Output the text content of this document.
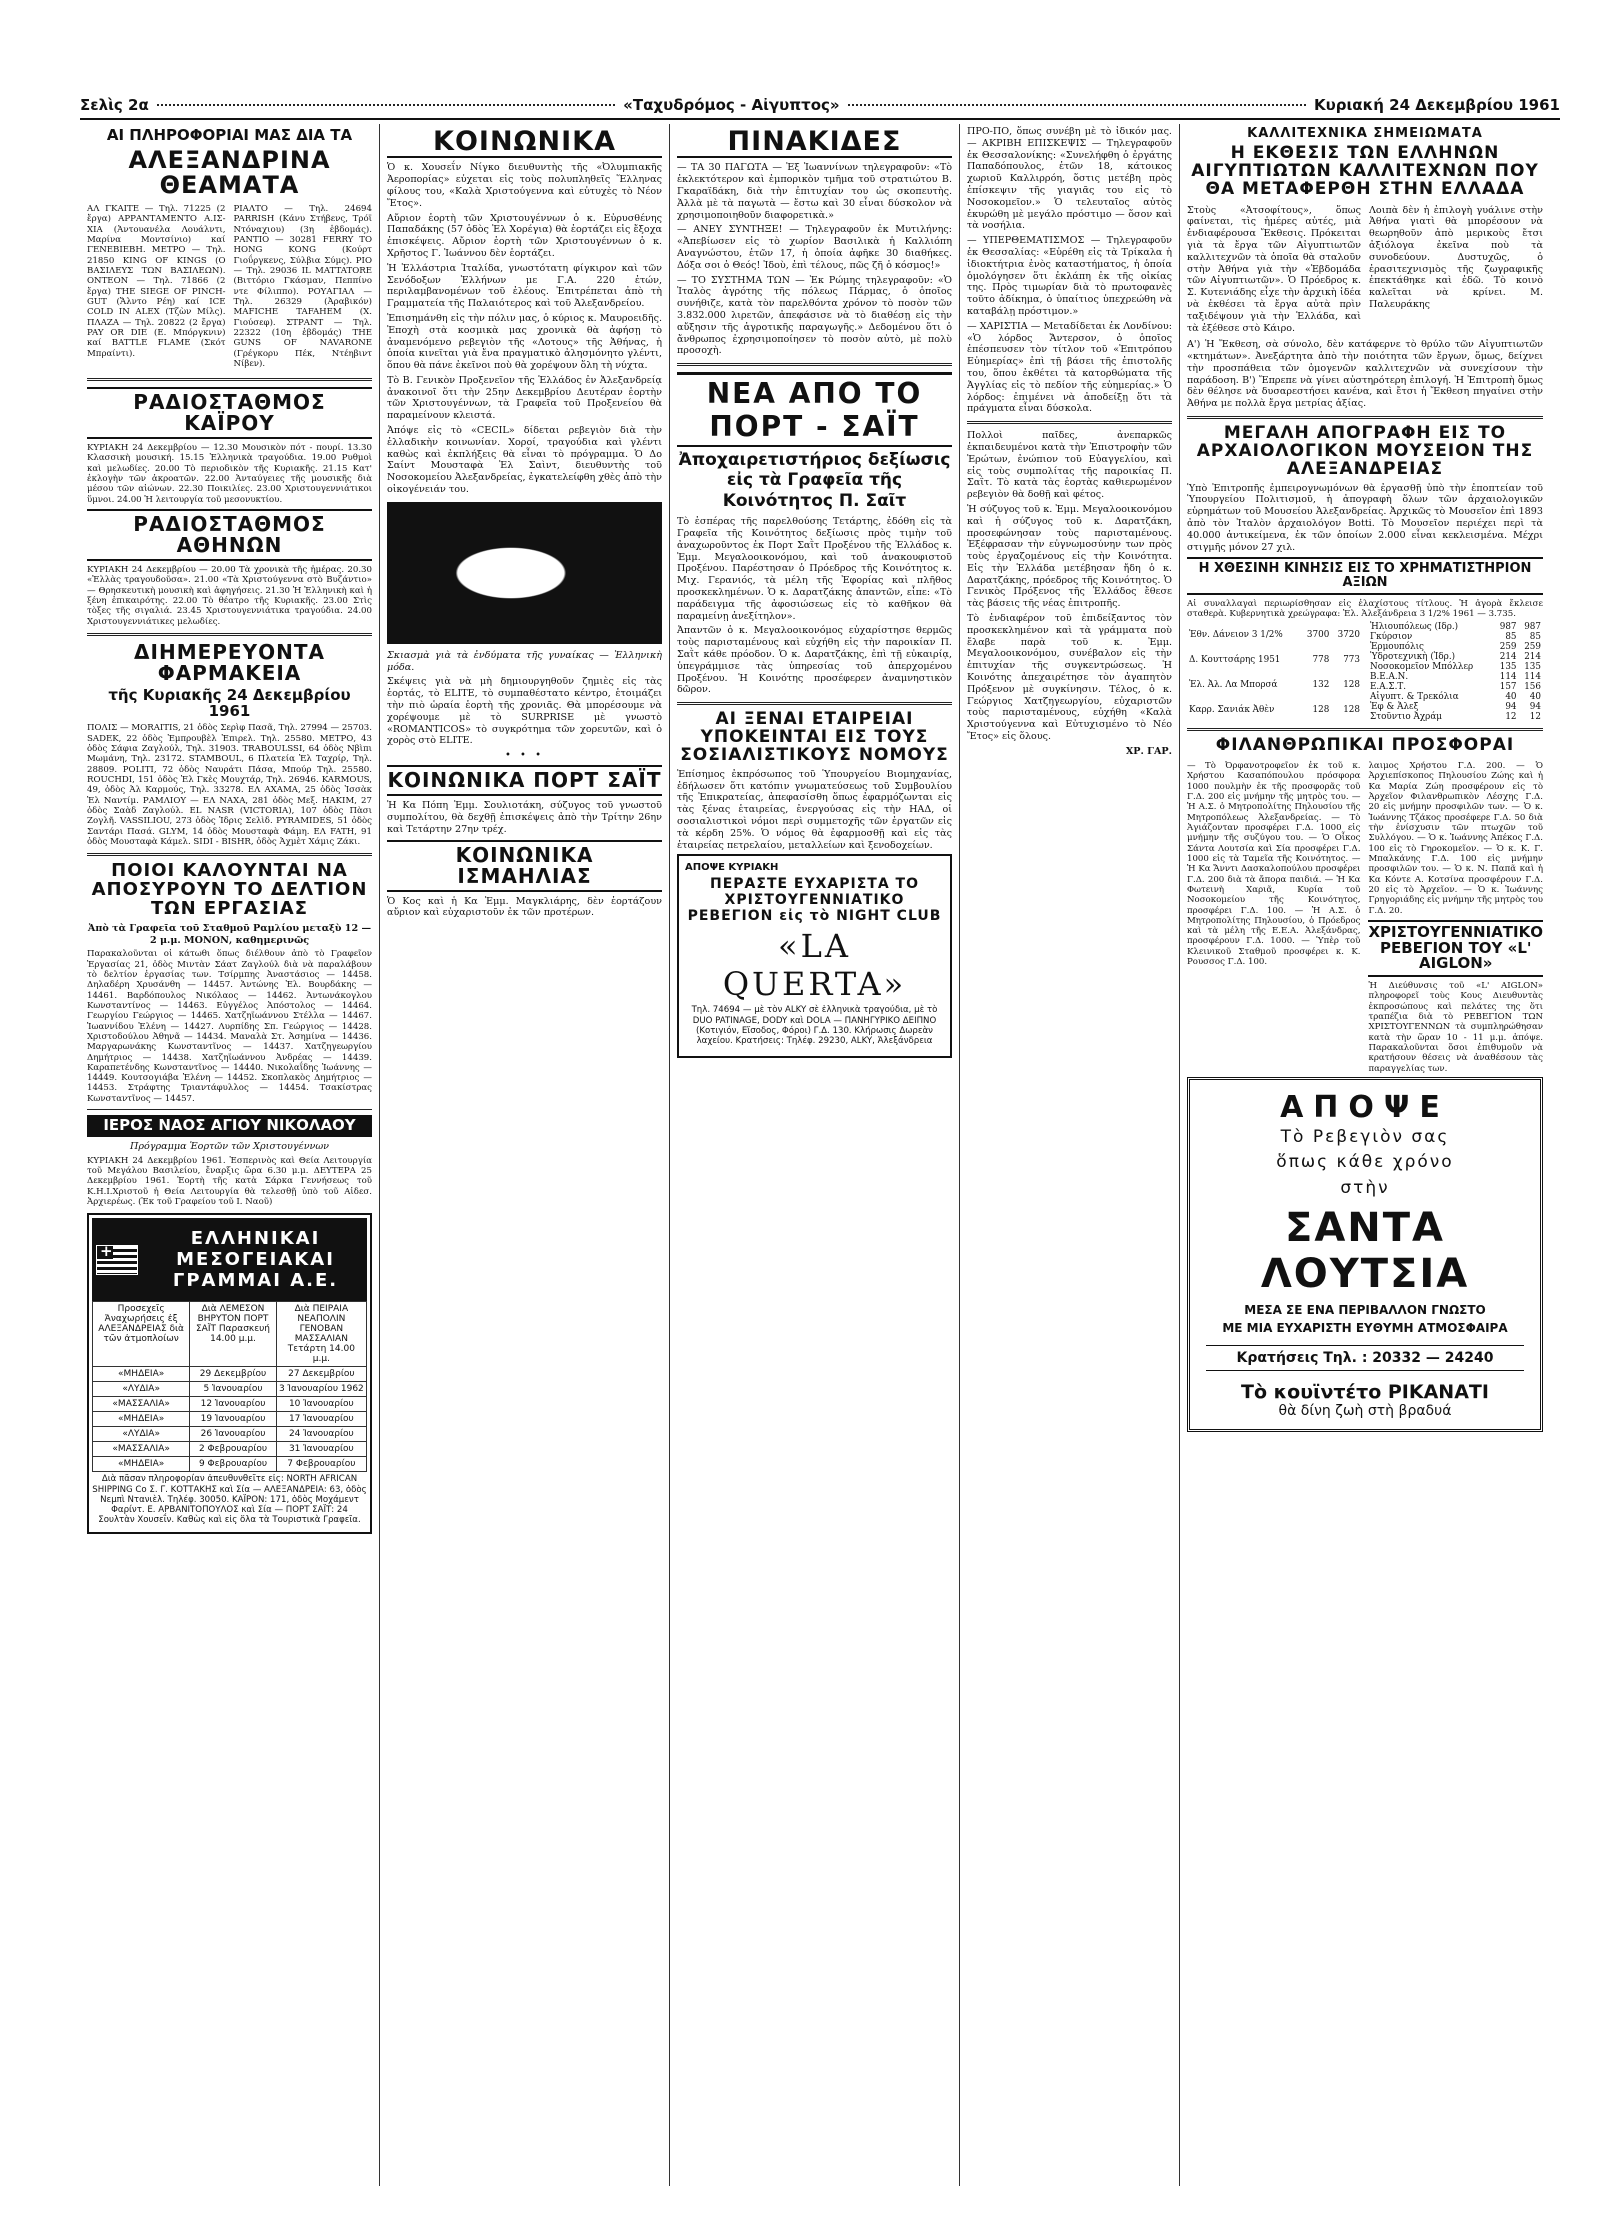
Σελὶς 2α	«Ταχυδρόμος - Αἰγυπτος»	Κυριακή 24 Δεκεμβρίου 1961
ΑΙ ΠΛΗΡΟΦΟΡΙΑΙ ΜΑΣ ΔΙΑ ΤΑ
ΑΛΕΞΑΝΔΡΙΝΑ ΘΕΑΜΑΤΑ

ΑΛ ΓΚΑΙΤΕ — Τηλ. 71225 (2 ἔργα) ΑΡΡΑΝΤΑΜΕΝΤΟ Α.ΙΣ-ΧΙΑ (Ἀντουανέλα Λουάλντι, Μαρίνα Μοντσίνιο) καί ΓΕΝΕΒΙΕΒΗ. ΜΕΤΡΟ — Τηλ. 21850 KING OF KINGS (Ο ΒΑΣΙΛΕΥΣ ΤΩΝ ΒΑΣΙΛΕΩΝ). ΟΝΤΕΟΝ — Τηλ. 71866 (2 ἔργα) THE SIEGE OF PINCH-GUT (Ἄλντο Ρέη) καί ICE COLD IN ALEX (Τζὼν Μίλς). ΠΛΑΖΑ — Τηλ. 20822 (2 ἔργα) PAY OR DIE (Ε. Μπόργκνιν) καί BATTLE FLAME (Σκότ Μπραίντι).

ΡΙΑΛΤΟ — Τηλ. 24694 PARRISH (Κάνυ Στήβενς, Τρόϊ Ντόναχιου) (3η ἑβδομάς). ΡΑΝΤΙΟ — 30281 FERRY TO HONG KONG (Κούρτ Γιοΰργκενς, Σύλβια Σύμς). ΡΙΟ — Τηλ. 29036 IL MATTATORE (Βιττόριο Γκάσμαν, Πεππίνο ντε Φίλιππο). ΡΟΥΑΓΙΑΛ — Τηλ. 26329 (Ἀραβικόν) MAFICHE TAFAHEM (Χ. Γιούσεφ). ΣΤΡΑΝΤ — Τηλ. 22322 (10η ἑβδομάς) THE GUNS OF NAVARONE (Γρέγκορυ Πέκ, Ντέηβιντ Νίβεν).

ΡΑΔΙΟΣΤΑΘΜΟΣ ΚΑΪΡΟΥ

ΚΥΡΙΑΚΗ 24 Δεκεμβρίου — 12.30 Μουσικὸν πότ - πουρί. 13.30 Κλασσικὴ μουσική. 15.15 Ἑλληνικὰ τραγούδια. 19.00 Ρυθμοὶ καὶ μελωδίες. 20.00 Τὸ περιοδικὸν τῆς Κυριακῆς. 21.15 Κατ' ἐκλογὴν τῶν ἀκροατῶν. 22.00 Ἀνταύγειες τῆς μουσικῆς διὰ μέσου τῶν αἰώνων. 22.30 Ποικιλίες. 23.00 Χριστουγεννιάτικοι ὕμνοι. 24.00 Ἡ λειτουργία τοῦ μεσονυκτίου.

ΡΑΔΙΟΣΤΑΘΜΟΣ ΑΘΗΝΩΝ

ΚΥΡΙΑΚΗ 24 Δεκεμβρίου — 20.00 Τὰ χρονικὰ τῆς ἡμέρας. 20.30 «Ἑλλὰς τραγουδοῦσα». 21.00 «Τὰ Χριστούγεννα στὸ Βυζάντιο» — Θρησκευτικὴ μουσικὴ καὶ ἀφηγήσεις. 21.30 Ἡ Ἑλληνικὴ καὶ ἡ ξένη ἐπικαιρότης. 22.00 Τὸ θέατρο τῆς Κυριακῆς. 23.00 Στὶς τὸξες τῆς σιγαλιά. 23.45 Χριστουγεννιάτικα τραγούδια. 24.00 Χριστουγεννιάτικες μελωδίες.

ΔΙΗΜΕΡΕΥΟΝΤΑ ΦΑΡΜΑΚΕΙΑ
τῆς Κυριακῆς 24 Δεκεμβρίου 1961

ΠΟΛΙΣ — MORAITIS, 21 ὁδὸς Σερὶφ Πασᾶ, Τηλ. 27994 — 25703. SADEK, 22 ὁδὸς Ἐμπρουβὲλ Ἐπιρελ. Τηλ. 25580. ΜΕΤΡΟ, 43 ὁδὸς Σάφια Ζαγλούλ, Τηλ. 31903. TRABOULSSI, 64 ὁδὸς Νβὶπι Μωμάνη, Τηλ. 23172. STAMBOUL, 6 Πλατεία Ἐλ Ταχρίρ, Τηλ. 28809. POLITI, 72 ὁδὸς Ναυράτι Πάσα, Μπούρ Τηλ. 25580. ROUCHDI, 151 ὁδὸς Ἐλ Γκὲς Μουχτάρ, Τηλ. 26946. KARMOUS, 49, ὁδὸς Ἀλ Καρμούς, Τηλ. 33278. ΕΛ ΑΧΑΜΑ, 25 ὁδὸς Ἰσσὰκ Ἐλ Ναντίμ. ΡΑΜΛΙΟΥ — ΕΛ ΝΑΧΑ, 281 ὁδὸς Μεξ. HAKIM, 27 ὁδὸς Σαὰδ Ζαγλούλ. ΕL NASR (VICTORIA), 107 ὁδὸς Πὰσι Ζογλῆ. VASSILIOU, 273 ὁδὸς Ἰδρις Σελὶδ. PYRAMIDES, 51 ὁδὸς Σαντάρι Πασά. GLYM, 14 ὁδὸς Μουσταφὰ Φάμη. ΕΛ FATH, 91 ὁδὸς Μουσταφὰ Κάμελ. SIDI - BISHR, ὁδὸς Ἀχμὲτ Χάμις Ζάκι.

ΠΟΙΟΙ ΚΑΛΟΥΝΤΑΙ ΝΑ ΑΠΟΣΥΡΟΥΝ ΤΟ ΔΕΛΤΙΟΝ ΤΩΝ ΕΡΓΑΣΙΑΣ

Ἀπὸ τὰ Γραφεῖα τοῦ Σταθμοῦ Ραμλίου μεταξὺ 12 — 2 μ.μ. ΜΟΝΟΝ, καθημερινῶς

Παρακαλοῦνται οἱ κάτωθι ὅπως διέλθουν ἀπὸ τὸ Γραφεῖον Ἐργασίας 21, ὁδὸς Μιντὰν Σάατ Ζαγλούλ διὰ νὰ παραλάβουν τὸ δελτίον ἐργασίας των. Τσίρμπης Ἀναστάσιος — 14458. Δηλαδέρη Χρυσάνθη — 14457. Ἀντώνης Ἐλ. Βουρδάκης — 14461. Βαρδόπουλος Νικόλαος — 14462. Ἀντωνάκογλου Κωνσταντίνος — 14463. Εὐγγέλος Ἀπόστολος — 14464. Γεωργίου Γεώργιος — 14465. Χατζηϊωάννου Στέλλα — 14467. Ἰωαννίδου Ἑλένη — 14427. Λυρπίδης Σπ. Γεώργιος — 14428. Χριστοδούλου Ἀθηνᾶ — 14434. Μαναλὰ Στ. Ἀσημίνα — 14436. Μαργαρωνάκης Κωνσταντῖνος — 14437. Χατζηγεωργίου Δημήτριος — 14438. Χατζηϊωάννου Ἀνδρέας — 14439. Καραπετένδης Κωνσταντῖνος — 14440. Νικολαΐδης Ἰωάννης — 14449. Κουτσογιάβα Ἑλένη — 14452. Σκοπλακὸς Δημήτριος — 14453. Στράφτης Τριαντάφυλλος — 14454. Τσακίστρας Κωνσταντῖνος — 14457.

ΙΕΡΟΣ ΝΑΟΣ ΑΓΙΟΥ ΝΙΚΟΛΑΟΥ

Πρόγραμμα Ἑορτῶν τῶν Χριστουγέννων

ΚΥΡΙΑΚΗ 24 Δεκεμβρίου 1961. Ἐσπερινὸς καὶ Θεία Λειτουργία τοῦ Μεγάλου Βασιλείου, ἔναρξις ὥρα 6.30 μ.μ. ΔΕΥΤΕΡΑ 25 Δεκεμβρίου 1961. Ἑορτὴ τῆς κατὰ Σάρκα Γεννήσεως τοῦ Κ.Η.Ι.Χριστοῦ ἡ Θεία Λειτουργία θὰ τελεσθῇ ὑπὸ τοῦ Αἰδεσ. Ἀρχιερέως. (Ἐκ τοῦ Γραφείου τοῦ I. Ναοῦ)

+
ΕΛΛΗΝΙΚΑΙ ΜΕΣΟΓΕΙΑΚΑΙ ΓΡΑΜΜΑΙ Α.Ε.
Προσεχεῖς Ἀναχωρήσεις ἐξ ΑΛΕΞΑΝΔΡΕΙΑΣ διὰ τῶν ἀτμοπλοίων	Διὰ ΛΕΜΕΣΟΝ ΒΗΡΥΤΟΝ ΠΟΡΤ ΣΑΪΤ Παρασκευή 14.00 μ.μ.	Διὰ ΠΕΙΡΑΙΑ ΝΕΑΠΟΛΙΝ ΓΕΝΟΒΑΝ ΜΑΣΣΑΛΙΑΝ Τετάρτη 14.00 μ.μ.
«ΜΗΔΕΙΑ»	29 Δεκεμβρίου	27 Δεκεμβρίου
«ΛΥΔΙΑ»	5 Ἰανουαρίου	3 Ἰανουαρίου 1962
«ΜΑΣΣΑΛΙΑ»	12 Ἰανουαρίου	10 Ἰανουαρίου
«ΜΗΔΕΙΑ»	19 Ἰανουαρίου	17 Ἰανουαρίου
«ΛΥΔΙΑ»	26 Ἰανουαρίου	24 Ἰανουαρίου
«ΜΑΣΣΑΛΙΑ»	2 Φεβρουαρίου	31 Ἰανουαρίου
«ΜΗΔΕΙΑ»	9 Φεβρουαρίου	7 Φεβρουαρίου

Διὰ πᾶσαν πληροφορίαν ἀπευθυνθεῖτε εἰς: NORTH AFRICAN SHIPPING Co Σ. Γ. ΚΟΤΤΑΚΗΣ καὶ Σία — ΑΛΕΞΑΝΔΡΕΙΑ: 63, ὁδὸς Νεμπὶ Ντανιὲλ. Τηλέφ. 30050. ΚΑΪΡΟΝ: 171, ὁδὸς Μοχάμεντ Φαρίντ. Ε. ΑΡΒΑΝΙΤΟΠΟΥΛΟΣ καὶ Σία — ΠΟΡΤ ΣΑΪΤ: 24 Σουλτὰν Χουσεΐν. Καθὼς καὶ εἰς ὅλα τὰ Τουριστικὰ Γραφεῖα.

ΚΟΙΝΩΝΙΚΑ

Ὁ κ. Χουσεΐν Νίγκο διευθυντὴς τῆς «Ὀλυμπιακῆς Ἀεροπορίας» εὐχεται εἰς τοὺς πολυπληθεῖς Ἕλληνας φίλους του, «Καλὰ Χριστούγεννα καὶ εὐτυχὲς τὸ Νέον Ἔτος».

Αὔριον ἑορτὴ τῶν Χριστουγέννων ὁ κ. Εὐρυσθένης Παπαδάκης (57 ὁδὸς Ἐλ Χορέγια) θὰ ἑορτάζει εἰς ἔξοχα ἐπισκέψεις. Αὔριον ἑορτὴ τῶν Χριστουγέννων ὁ κ. Χρῆστος Γ. Ἰωάννου δὲν ἑορτάζει.

Ἡ Ἑλλάστρια Ἰταλίδα, γνωστότατη φίγκιρον καὶ τῶν Σενόδοξων Ἑλλήνων με Γ.Α. 220 ἐτών, περιλαμβανομένων τοῦ ἐλέους. Ἐπιτρέπεται ἀπὸ τὴ Γραμματεία τῆς Παλαιότερος καὶ τοῦ Ἀλεξανδρείου.

Ἐπισημάνθη εἰς τὴν πόλιν μας, ὁ κύριος κ. Μαυροειδῆς. Ἐποχὴ στὰ κοσμικὰ μας χρονικὰ θὰ ἀφήσῃ τὸ ἀναμενόμενο ρεβεγιὸν τῆς «Λοτους» τῆς Ἀθήνας, ἡ ὁποία κινεῖται γιὰ ἔνα πραγματικὸ ἀλησμόνητο γλέντι, ὅπου θὰ πάνε ἐκεῖνοι ποὺ θὰ χορέψουν ὅλη τὴ νύχτα.

Τὸ Β. Γενικὸν Προξενεῖον τῆς Ἑλλάδος ἐν Ἀλεξανδρείᾳ ἀνακοινοῖ ὅτι τὴν 25ην Δεκεμβρίου Δευτέραν ἑορτὴν τῶν Χριστουγέννων, τὰ Γραφεῖα τοῦ Προξενείου θὰ παραμείνουν κλειστά.

Ἀπόψε εἰς τὸ «CECIL» δίδεται ρεβεγιὸν διὰ τὴν ἐλλαδικὴν κοινωνίαν. Χοροί, τραγούδια καὶ γλέντι καθὼς καὶ ἐκπλήξεις θὰ εἶναι τὸ πρόγραμμα. Ὁ Δο Σαίντ Μουσταφὰ Ἐλ Σαὶντ, διευθυντὴς τοῦ Νοσοκομείου Ἀλεξανδρείας, ἐγκατελείφθη χθὲς ἀπὸ τὴν οἰκογένειάν του.

Σκιασμὰ γιὰ τὰ ἐνδύματα τῆς γυναίκας — Ἐλληνικὴ μόδα.

Σκέψεις γιὰ νὰ μὴ δημιουργηθοῦν ζημιὲς εἰς τὰς ἑορτάς, τὸ ELITE, τὸ συμπαθέστατο κέντρο, ἑτοιμάζει τὴν πιὸ ὡραία ἑορτὴ τῆς χρονιᾶς. Θὰ μπορέσουμε νὰ χορέψουμε μὲ τὸ SURPRISE μὲ γνωστὸ «ROMANTICOS» τὸ συγκρότημα τῶν χορευτῶν, καὶ ὁ χορὸς στὸ ELITE.

• • •
ΚΟΙΝΩΝΙΚΑ ΠΟΡΤ ΣΑΪΤ

Ἡ Κα Πόπη Ἐμμ. Σουλιοτάκη, σύζυγος τοῦ γνωστοῦ συμπολίτου, θὰ δεχθῇ ἐπισκέψεις ἀπὸ τὴν Τρίτην 26ην καὶ Τετάρτην 27ην τρέχ.

ΚΟΙΝΩΝΙΚΑ ΙΣΜΑΗΛΙΑΣ

Ὁ Κος καὶ ἡ Κα Ἐμμ. Μαγκλιάρης, δὲν ἑορτάζουν αὔριον καὶ εὐχαριστοῦν ἐκ τῶν προτέρων.

ΠΙΝΑΚΙΔΕΣ

— ΤΑ 30 ΠΑΓΩΤΑ — Ἐξ Ἰωαννίνων τηλεγραφοῦν: «Τὸ ἐκλεκτότερον καὶ ἐμπορικὸν τμῆμα τοῦ στρατιώτου Β. Γκαραϊδάκη, διὰ τὴν ἐπιτυχίαν του ὡς σκοπευτὴς. Ἀλλὰ μὲ τὰ παγωτὰ — ἔστω καὶ 30 εἶναι δύσκολον νὰ χρησιμοποιηθοῦν διαφορετικὰ.»

— ΑΝΕΥ ΣΥΝΤΗΞΕ! — Τηλεγραφοῦν ἐκ Μυτιλήνης: «Ἀπεβίωσεν εἰς τὸ χωρίον Βασιλικὰ ἡ Καλλιόπη Αναγνώστου, ἐτῶν 17, ἡ ὁποία ἀφῆκε 30 διαθήκες. Δόξα σοι ὁ Θεός! Ἰδοὺ, ἐπὶ τέλους, πῶς ζῆ ὁ κόσμος!»

— ΤΟ ΣΥΣΤΗΜΑ ΤΩΝ — Ἐκ Ρώμης τηλεγραφοῦν: «Ὁ Ἰταλὸς ἀγρότης τῆς πόλεως Πάρμας, ὁ ὁποῖος συνήθιζε, κατὰ τὸν παρελθόντα χρόνον τὸ ποσὸν τῶν 3.832.000 λιρετῶν, ἀπεφάσισε νὰ τὸ διαθέσῃ εἰς τὴν αὔξησιν τῆς ἀγροτικῆς παραγωγῆς.» Δεδομένου ὅτι ὁ ἄνθρωπος ἐχρησιμοποίησεν τὸ ποσὸν αὐτὸ, μὲ πολὺ προσοχὴ.

ΝΕΑ ΑΠΟ ΤΟ ΠΟΡΤ - ΣΑΪΤ
Ἀποχαιρετιστήριος δεξίωσις εἰς τὰ Γραφεῖα τῆς Κοινότητος Π. Σαῖτ

Τὸ ἑσπέρας τῆς παρελθούσης Τετάρτης, ἐδόθη εἰς τὰ Γραφεῖα τῆς Κοινότητος δεξίωσις πρὸς τιμὴν τοῦ ἀναχωροῦντος ἐκ Πορτ Σαῒτ Προξένου τῆς Ἑλλάδος κ. Ἐμμ. Μεγαλοοικονόμου, καὶ τοῦ ἀνακουφιστοῦ Προξένου. Παρέστησαν ὁ Πρόεδρος τῆς Κοινότητος κ. Μιχ. Γερανιός, τὰ μέλη τῆς Ἐφορίας καὶ πλῆθος προσκεκλημένων. Ὁ κ. Δαρατζάκης ἀπαντῶν, εἶπε: «Τὸ παράδειγμα τῆς ἀφοσιώσεως εἰς τὸ καθῆκον θὰ παραμείνῃ ἀνεξίτηλον».

Ἀπαντῶν ὁ κ. Μεγαλοοικονόμος εὐχαρίστησε θερμῶς τοὺς παρισταμένους καὶ εὐχήθη εἰς τὴν παροικίαν Π. Σαῒτ κάθε πρόοδον. Ὁ κ. Δαρατζάκης, ἐπὶ τῇ εὐκαιρίᾳ, ὑπεγράμμισε τὰς ὑπηρεσίας τοῦ ἀπερχομένου Προξένου. Ἡ Κοινότης προσέφερεν ἀναμνηστικὸν δῶρον.

ΑΙ ΞΕΝΑΙ ΕΤΑΙΡΕΙΑΙ ΥΠΟΚΕΙΝΤΑΙ ΕΙΣ ΤΟΥΣ ΣΟΣΙΑΛΙΣΤΙΚΟΥΣ ΝΟΜΟΥΣ

Ἐπίσημος ἐκπρόσωπος τοῦ Ὑπουργείου Βιομηχανίας, ἐδήλωσεν ὅτι κατόπιν γνωματεύσεως τοῦ Συμβουλίου τῆς Ἐπικρατείας, ἀπεφασίσθη ὅπως ἐφαρμόζωνται εἰς τὰς ξένας ἑταιρείας, ἐνεργούσας εἰς τὴν ΗΑΔ, οἱ σοσιαλιστικοὶ νόμοι περὶ συμμετοχῆς τῶν ἐργατῶν εἰς τὰ κέρδη 25%. Ὁ νόμος θὰ ἐφαρμοσθῇ καὶ εἰς τὰς ἑταιρείας πετρελαίου, μεταλλείων καὶ ξενοδοχείων.

ΑΠΟΨΕ ΚΥΡΙΑΚΗ
ΠΕΡΑΣΤΕ ΕΥΧΑΡΙΣΤΑ ΤΟ ΧΡΙΣΤΟΥΓΕΝΝΙΑΤΙΚΟ ΡΕΒΕΓΙΟΝ εἰς τὸ NIGHT CLUB
«LA QUERTA»

Τηλ. 74694 — μὲ τὸν ALKY σὲ ἑλληνικὰ τραγούδια, μὲ τὸ DUO PATINAGE, DODY καὶ DOLA — ΠΑΝΗΓΥΡΙΚΟ ΔΕΙΠΝΟ (Κοτιγιόν, Εἴσοδος, Φόροι) Γ.Δ. 130. Κλήρωσις Δωρεὰν λαχείου. Κρατήσεις: Τηλέφ. 29230, ALKY, Ἀλεξάνδρεια

ΠΡΟ-ΠΟ, ὅπως συνέβη μὲ τὸ ἰδικόν μας. — ΑΚΡΙΒΗ ΕΠΙΣΚΕΨΙΣ — Τηλεγραφοῦν ἐκ Θεσσαλονίκης: «Συνελήφθη ὁ ἐργάτης Παπαδόπουλος, ἐτῶν 18, κάτοικος χωριοῦ Καλλιρρόη, ὅστις μετέβη πρὸς ἐπίσκεψιν τῆς γιαγιᾶς του εἰς τὸ Νοσοκομεῖον.» Ὁ τελευταῖος αὐτὸς ἐκυρώθη μὲ μεγάλο πρόστιμο — ὅσον καὶ τὰ νοσήλια.

— ΥΠΕΡΘΕΜΑΤΙΣΜΟΣ — Τηλεγραφοῦν ἐκ Θεσσαλίας: «Εὑρέθη εἰς τὰ Τρίκαλα ἡ ἰδιοκτήτρια ἑνὸς καταστήματος, ἡ ὁποία ὁμολόγησεν ὅτι ἐκλάπη ἐκ τῆς οἰκίας της. Πρὸς τιμωρίαν διὰ τὸ πρωτοφανὲς τοῦτο ἀδίκημα, ὁ ὑπαίτιος ὑπεχρεώθη νὰ καταβάλῃ πρόστιμον.»

— ΧΑΡΙΣΤΙΑ — Μεταδίδεται ἐκ Λονδίνου: «Ὁ λόρδος Ἄντερσον, ὁ ὁποῖος ἐπέσπευσεν τὸν τίτλον τοῦ «Ἐπιτρόπου Εὐημερίας» ἐπὶ τῇ βάσει τῆς ἐπιστολῆς του, ὅπου ἐκθέτει τὰ κατορθώματα τῆς Ἀγγλίας εἰς τὸ πεδίον τῆς εὐημερίας.» Ὁ λόρδος: ἐπιμένει νὰ ἀποδείξῃ ὅτι τὰ πράγματα εἶναι δύσκολα.

Πολλοὶ παῖδες, ἀνεπαρκῶς ἐκπαιδευμένοι κατὰ τὴν Ἐπιστροφὴν τῶν Ἐρώτων, ἐνώπιον τοῦ Εὐαγγελίου, καὶ εἰς τοὺς συμπολίτας τῆς παροικίας Π. Σαῒτ. Τὸ κατὰ τὰς ἑορτὰς καθιερωμένον ρεβεγιὸν θὰ δοθῇ καὶ φέτος.

Ἡ σύζυγος τοῦ κ. Ἐμμ. Μεγαλοοικονόμου καὶ ἡ σύζυγος τοῦ κ. Δαρατζάκη, προσεφώνησαν τοὺς παρισταμένους. Ἐξέφρασαν τὴν εὐγνωμοσύνην των πρὸς τοὺς ἐργαζομένους εἰς τὴν Κοινότητα. Εἰς τὴν Ἑλλάδα μετέβησαν ἤδη ὁ κ. Δαρατζάκης, πρόεδρος τῆς Κοινότητος. Ὁ Γενικὸς Πρόξενος τῆς Ἑλλάδος ἔθεσε τὰς βάσεις τῆς νέας ἐπιτροπῆς.

Τὸ ἐνδιαφέρον τοῦ ἐπιδείξαντος τὸν προσκεκλημένον καὶ τὰ γράμματα ποὺ ἔλαβε παρὰ τοῦ κ. Ἐμμ. Μεγαλοοικονόμου, συνέβαλον εἰς τὴν ἐπιτυχίαν τῆς συγκεντρώσεως. Ἡ Κοινότης ἀπεχαιρέτησε τὸν ἀγαπητὸν Πρόξενον μὲ συγκίνησιν. Τέλος, ὁ κ. Γεώργιος Χατζηγεωργίου, εὐχαριστῶν τοὺς παρισταμένους, εὐχήθη «Καλὰ Χριστούγεννα καὶ Εὐτυχισμένο τὸ Νέο Ἔτος» εἰς ὅλους.

ΧΡ. ΓΑΡ.

ΚΑΛΛΙΤΕΧΝΙΚΑ ΣΗΜΕΙΩΜΑΤΑ
Η ΕΚΘΕΣΙΣ ΤΩΝ ΕΛΛΗΝΩΝ ΑΙΓΥΠΤΙΩΤΩΝ ΚΑΛΛΙΤΕΧΝΩΝ ΠΟΥ ΘΑ ΜΕΤΑΦΕΡΘΗ ΣΤΗΝ ΕΛΛΑΔΑ

Στοὺς «Ἀτσοφίτους», ὅπως φαίνεται, τὶς ἡμέρες αὐτές, μιὰ ἐνδιαφέρουσα Ἔκθεσις. Πρόκειται γιὰ τὰ ἔργα τῶν Αἰγυπτιωτῶν καλλιτεχνῶν τὰ ὁποῖα θὰ σταλοῦν στὴν Ἀθήνα γιὰ τὴν «Ἑβδομάδα τῶν Αἰγυπτιωτῶν». Ὁ Πρόεδρος κ. Σ. Κυτενιάδης εἶχε τὴν ἀρχικὴ ἰδέα νὰ ἐκθέσει τὰ ἔργα αὐτὰ πρὶν ταξιδέψουν γιὰ τὴν Ἑλλάδα, καὶ τὰ ἐξέθεσε στὸ Κάιρο.

Λοιπὰ δὲν ἡ ἐπιλογὴ γυάλινε στὴν Ἀθήνα γιατὶ θὰ μπορέσουν νὰ θεωρηθοῦν ἀπὸ μερικοὺς ἔτσι ἀξιόλογα ἐκεῖνα ποὺ τὰ συνοδεύουν. Δυστυχῶς, ὁ ἐρασιτεχνισμὸς τῆς ζωγραφικῆς ἐπεκτάθηκε καὶ ἐδῶ. Τὸ κοινὸ καλεῖται νὰ κρίνει. Μ. Παλευράκης

Α') Ἡ Ἔκθεση, σὰ σύνολο, δὲν κατάφερνε τὸ θρύλο τῶν Αἰγυπτιωτῶν «κτημάτων». Ἀνεξάρτητα ἀπὸ τὴν ποιότητα τῶν ἔργων, ὅμως, δείχνει τὴν προσπάθεια τῶν ὁμογενῶν καλλιτεχνῶν νὰ συνεχίσουν τὴν παράδοση. Β') Ἔπρεπε νὰ γίνει αὐστηρότερη ἐπιλογή. Ἡ Ἐπιτροπὴ ὅμως δὲν θέλησε νὰ δυσαρεστήσει κανένα, καὶ ἔτσι ἡ Ἔκθεση πηγαίνει στὴν Ἀθήνα με πολλὰ ἔργα μετρίας ἀξίας.

ΜΕΓΑΛΗ ΑΠΟΓΡΑΦΗ ΕΙΣ ΤΟ ΑΡΧΑΙΟΛΟΓΙΚΟΝ ΜΟΥΣΕΙΟΝ ΤΗΣ ΑΛΕΞΑΝΔΡΕΙΑΣ

Ὑπὸ Ἐπιτροπῆς ἐμπειρογνωμόνων θὰ ἐργασθῇ ὑπὸ τὴν ἐποπτείαν τοῦ Ὑπουργείου Πολιτισμοῦ, ἡ ἀπογραφὴ ὅλων τῶν ἀρχαιολογικῶν εὑρημάτων τοῦ Μουσείου Ἀλεξανδρείας. Ἀρχικῶς τὸ Μουσεῖον ἐπὶ 1893 ἀπὸ τὸν Ἰταλὸν ἀρχαιολόγον Botti. Τὸ Μουσεῖον περιέχει περὶ τὰ 40.000 ἀντικείμενα, ἐκ τῶν ὁποίων 2.000 εἶναι κεκλεισμένα. Μέχρι στιγμῆς μόνον 27 χιλ.

Η ΧΘΕΣΙΝΗ ΚΙΝΗΣΙΣ ΕΙΣ ΤΟ ΧΡΗΜΑΤΙΣΤΗΡΙΟΝ ΑΞΙΩΝ

Αἱ συναλλαγαὶ περιωρίσθησαν εἰς ἐλαχίστους τίτλους. Ἡ ἀγορὰ ἔκλεισε σταθερὰ. Κυβερνητικὰ χρεώγραφα: Ἐλ. Ἀλεξάνδρεια 3 1/2% 1961 — 3.735.

Ἐθν. Δάνειον 3 1/2%	3700	3720
Δ. Κουττσάρης 1951	778	773
Ἐλ. Ἀλ. Λα Μπορσά	132	128
Καρρ. Σανιάκ Ἀθὲν	128	128
Ἡλιουπόλεως (Ιδρ.)	987	987
Γκύρσιον	85	85
Ἑρμουπόλις	259	259
Ὑδροτεχνικὴ (Ἰδρ.)	214	214
Νοσοκομεῖον Μπόλλερ	135	135
Β.Ε.Α.Ν.	114	114
Ε.Α.Σ.Τ.	157	156
Αἰγυπτ. & Τρεκόλια	40	40
Ἐφ & Ἀλεξ	94	94
Στοῦντιο Ἀχράμ	12	12
ΦΙΛΑΝΘΡΩΠΙΚΑΙ ΠΡΟΣΦΟΡΑΙ

— Τὸ Ὀρφανοτροφεῖον ἐκ τοῦ κ. Χρήστου Κασαπόπουλου πρόσφορα 1000 πουλμὴν ἐκ τῆς προσφορᾶς τοῦ Γ.Δ. 200 εἰς μνήμην τῆς μητρὸς του. — Ἡ Α.Σ. ὁ Μητροπολίτης Πηλουσίου τῆς Μητροπόλεως Ἀλεξανδρείας. — Τὸ Ἀγιάζονταν προσφέρει Γ.Δ. 1000 εἰς μνήμην τῆς συζύγου του. — Ὁ Οἶκος Σάντα Λουτσία καὶ Σία προσφέρει Γ.Δ. 1000 εἰς τὰ Ταμεῖα τῆς Κοινότητος. — Ἡ Κα Ἄνντι Δασκαλοπούλου προσφέρει Γ.Δ. 200 διὰ τὰ ἄπορα παιδιά. — Ἡ Κα Φωτεινὴ Χαριᾶ, Κυρία τοῦ Νοσοκομείου τῆς Κοινότητος, προσφέρει Γ.Δ. 100. — Ἡ Α.Σ. ὁ Μητροπολίτης Πηλουσίου, ὁ Πρόεδρος καὶ τὰ μέλη τῆς Ε.Ε.Α. Ἀλεξάνδρας, προσφέρουν Γ.Δ. 1000. — Ὑπὲρ τοῦ Κλεινικοῦ Σταθμοῦ προσφέρει κ. Κ. Ρουσσος Γ.Δ. 100.

λαιμος Χρήστου Γ.Δ. 200. — Ὁ Ἀρχιεπίσκοπος Πηλουσίου Ζώης καὶ ἡ Κα Μαρία Ζώη προσφέρουν εἰς τὸ Ἀρχεῖον Φιλανθρωπικὸν Λέσχης Γ.Δ. 20 εἰς μνήμην προσφιλῶν των. — Ὁ κ. Ἰωάννης Τζάκος προσέφερε Γ.Δ. 50 διὰ τὴν ἐνίσχυσιν τῶν πτωχῶν τοῦ Συλλόγου. — Ὁ κ. Ἰωάννης Ἀπέκος Γ.Δ. 100 εἰς τὸ Γηροκομεῖον. — Ὁ κ. Κ. Γ. Μπαλκάνης Γ.Δ. 100 εἰς μνήμην προσφιλῶν του. — Ὁ κ. Ν. Παπᾶ καὶ ἡ Κα Κόντε Α. Κοτσίνα προσφέρουν Γ.Δ. 20 εἰς τὸ Ἀρχεῖον. — Ὁ κ. Ἰωάννης Γρηγοριάδης εἰς μνήμην τῆς μητρὸς του Γ.Δ. 20.

ΧΡΙΣΤΟΥΓΕΝΝΙΑΤΙΚΟ ΡΕΒΕΓΙΟΝ ΤΟΥ «L' AIGLON»

Ἡ Διεύθυνσις τοῦ «L' AIGLON» πληροφορεῖ τοὺς Κους Διευθυντὰς ἐκπροσώπους καὶ πελάτες της ὅτι τραπέζια διὰ τὸ ΡΕΒΕΓΙΟΝ ΤΩΝ ΧΡΙΣΤΟΥΓΕΝΝΩΝ τὰ συμπληρώθησαν κατὰ τὴν ὥραν 10 - 11 μ.μ. ἀπόψε. Παρακαλοῦνται ὅσοι ἐπιθυμοῦν νὰ κρατήσουν θέσεις νὰ ἀναθέσουν τὰς παραγγελίας των.

ΑΠΟΨΕ
Τὸ Ρεβεγιὸν σας
ὅπως κάθε χρόνο
στὴν
ΣΑΝΤΑ ΛΟΥΤΣΙΑ
ΜΕΣΑ ΣΕ ΕΝΑ ΠΕΡΙΒΑΛΛΟΝ ΓΝΩΣΤΟ
ΜΕ ΜΙΑ ΕΥΧΑΡΙΣΤΗ ΕΥΘΥΜΗ ΑΤΜΟΣΦΑΙΡΑ
Κρατήσεις Τηλ. : 20332 — 24240
Τὸ κουϊντέτο ΡΙΚΑΝΑΤΙ
θὰ δίνη ζωὴ στὴ βραδυά
